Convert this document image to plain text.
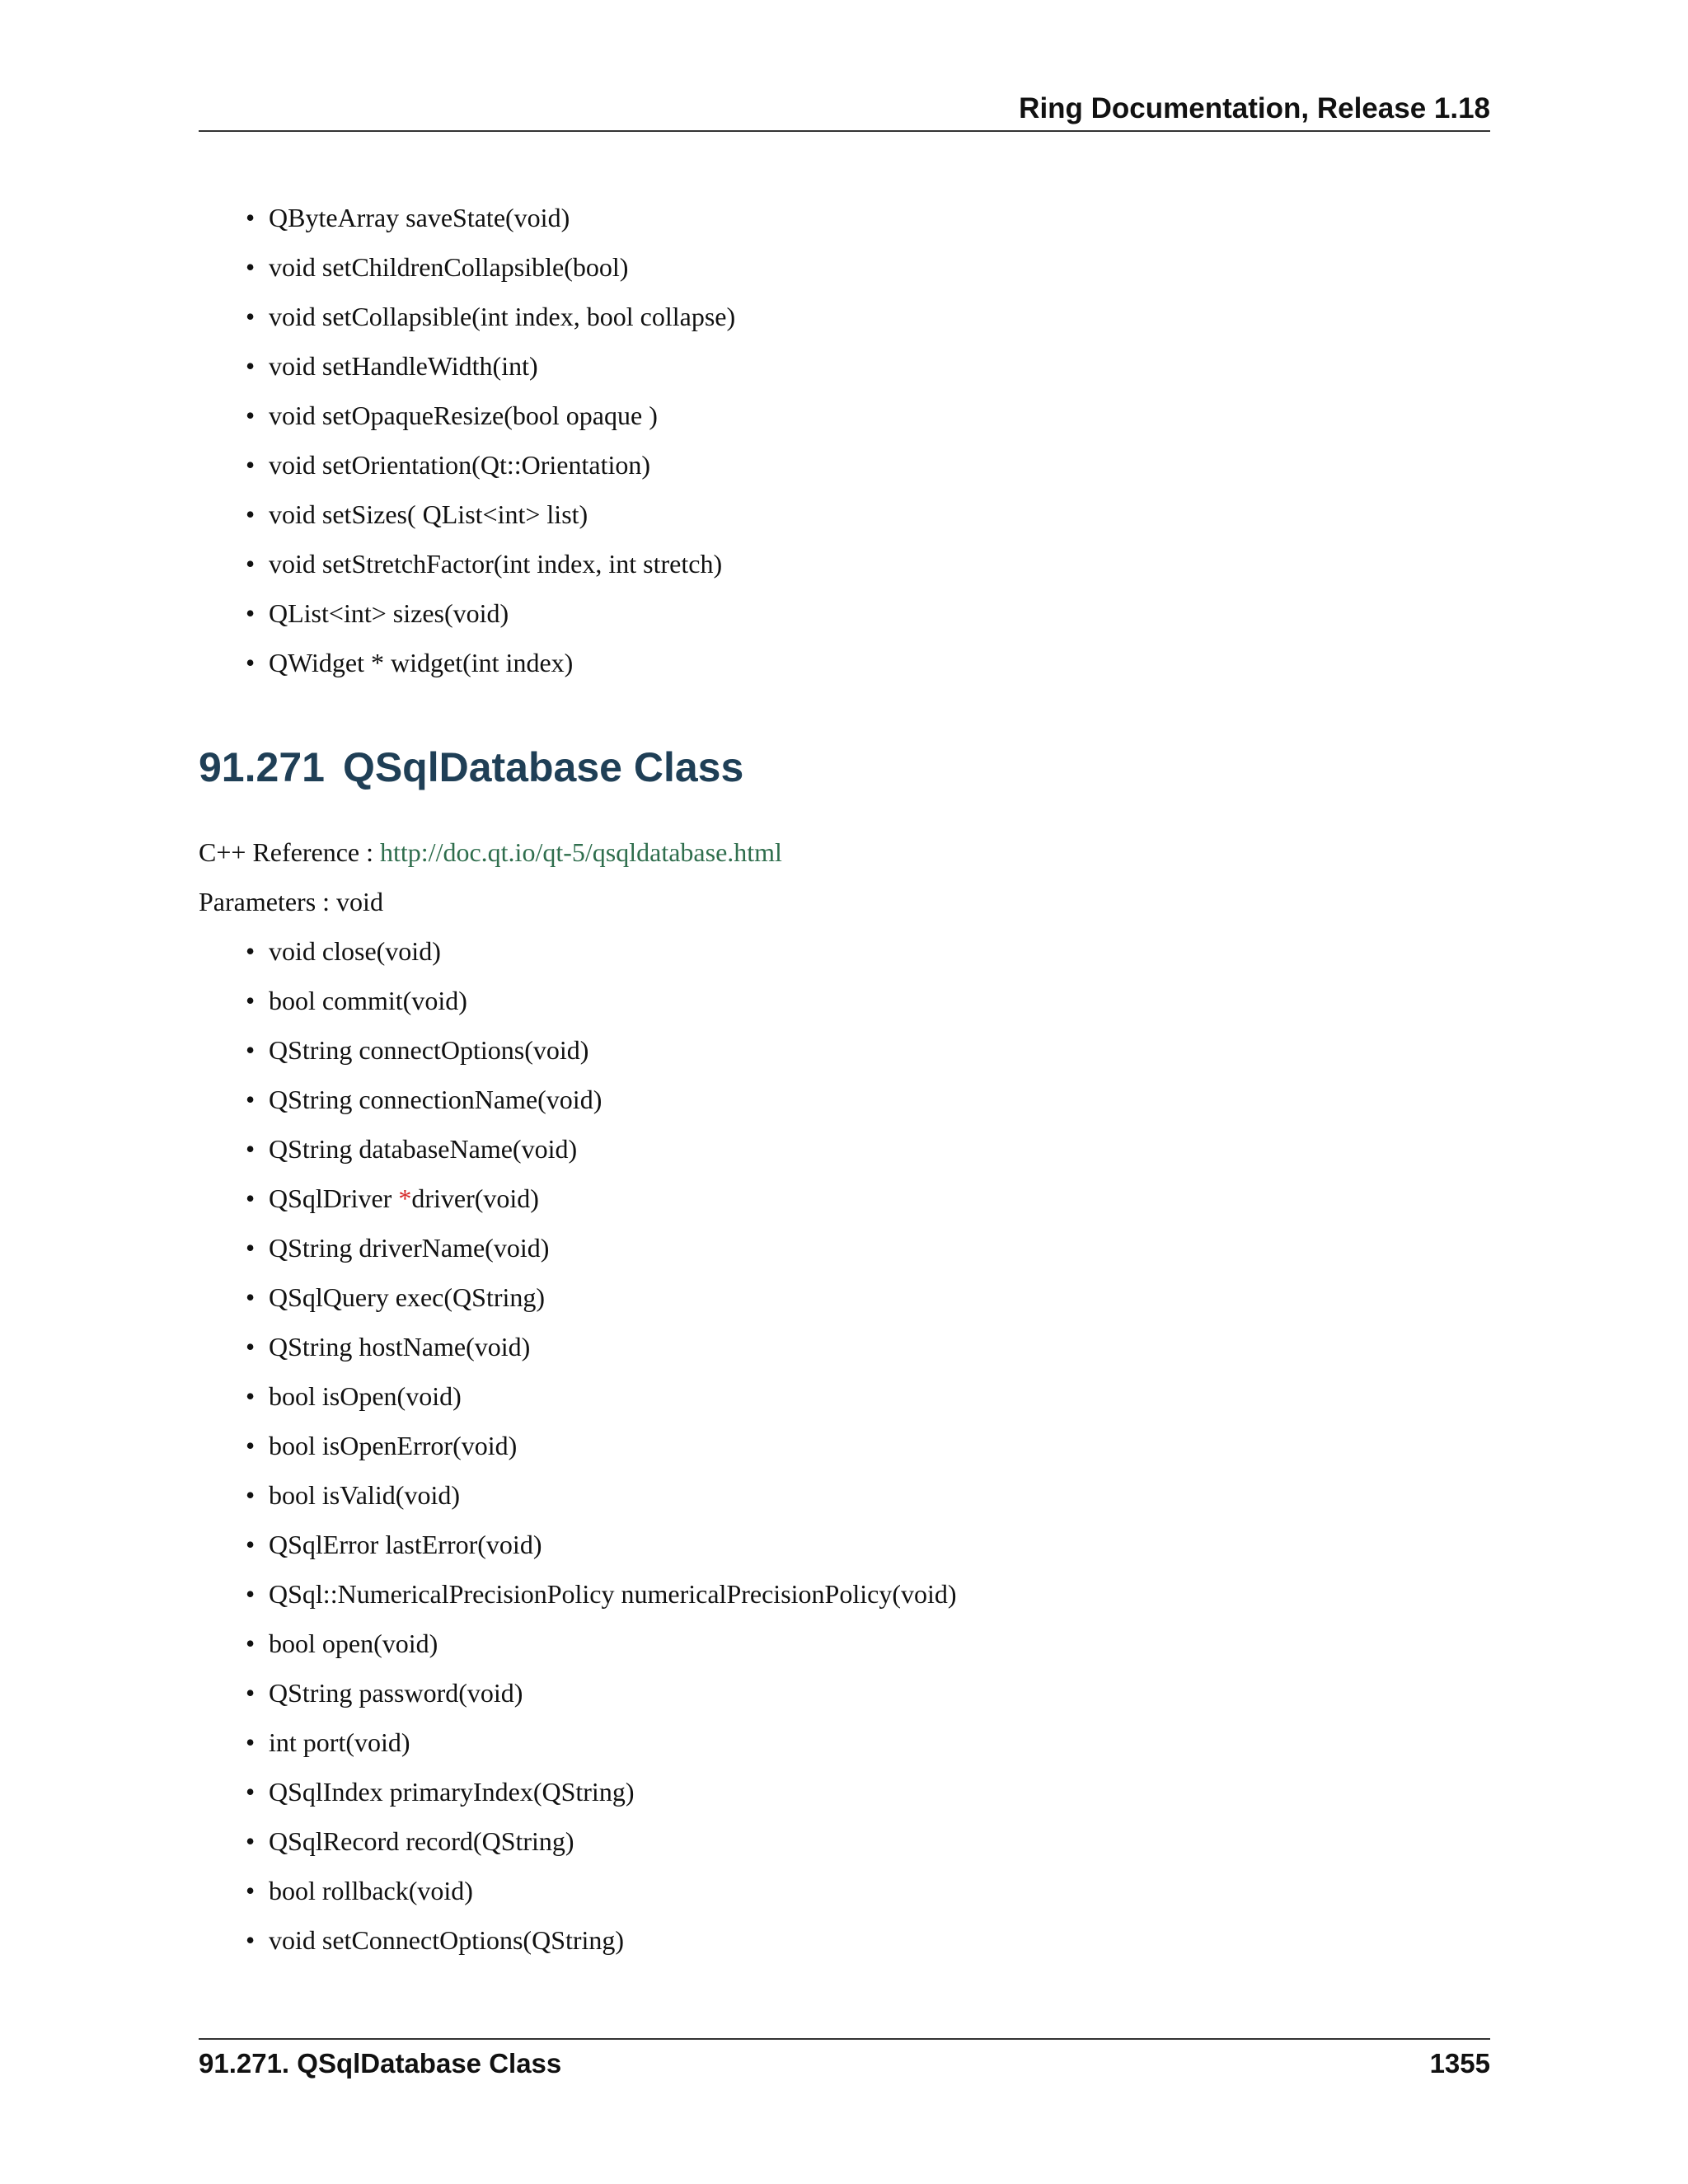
Ring Documentation, Release 1.18
• QByteArray saveState(void)
• void setChildrenCollapsible(bool)
• void setCollapsible(int index, bool collapse)
• void setHandleWidth(int)
• void setOpaqueResize(bool opaque )
• void setOrientation(Qt::Orientation)
• void setSizes( QList<int> list)
• void setStretchFactor(int index, int stretch)
• QList<int> sizes(void)
• QWidget * widget(int index)
91.271 QSqlDatabase Class
C++ Reference : http://doc.qt.io/qt-5/qsqldatabase.html
Parameters : void
• void close(void)
• bool commit(void)
• QString connectOptions(void)
• QString connectionName(void)
• QString databaseName(void)
• QSqlDriver *driver(void)
• QString driverName(void)
• QSqlQuery exec(QString)
• QString hostName(void)
• bool isOpen(void)
• bool isOpenError(void)
• bool isValid(void)
• QSqlError lastError(void)
• QSql::NumericalPrecisionPolicy numericalPrecisionPolicy(void)
• bool open(void)
• QString password(void)
• int port(void)
• QSqlIndex primaryIndex(QString)
• QSqlRecord record(QString)
• bool rollback(void)
• void setConnectOptions(QString)
91.271. QSqlDatabase Class	1355
